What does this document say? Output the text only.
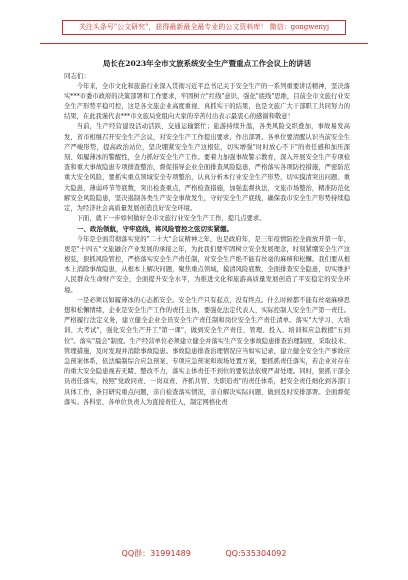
关注头条号"公文研究"，获得最新最全最专业的公文资料库！ 微信：gongwenyj

局长在2023年全市文旅系统安全生产暨重点工作会议上的讲话

同志们：

今年来，全市文化和旅游行业深入贯彻习近平总书记关于安全生产的一系列重要讲话精神，坚决落实***市委市政府的决策部署和工作要求，牢固树立"红线"意识，强化"底线"思维，目前全市文旅行业安全生产形势平稳可控，这是各文旅企业高度重视、真抓实干的结果，也是文旅广大干部职工共同努力的结果，在此我谨代表***市文旅局党组向大家的辛苦付出表示最衷心的感谢和敬意！

当前，生产经营建设活动活跃、交通运输繁忙；旅游持续升温，各类风险交织叠加，事故易发高发，省市相继召开安全生产会议，对安全生产工作提出要求、作出部署。各单位要清醒认识当前安全生产严峻形势，提高政治站位，坚决绷紧安全生产这根弦，切实增强"时时放心不下"的责任感和加压深刻、如履薄冰的警醒性，全力抓好安全生产工作。要着力加强事故警示教育，深入开展安全生产专项检查和重大事故隐患专项排查整治，督促指导企业全面排查风险隐患，严格落实各项防控措施，严密防范重大安全风险，要抓实重点领域安全专项整治，认真分析本行业安全生产形势，切实摸清突出问题、重大隐患、薄弱环节等底数，突出检查重点，严格检查措施，加强监督执法，文旅市场整治，精准防范化解安全风险隐患，坚决遏制各类生产安全事故发生，守好安全生产底线，确保我市安全生产形势持续稳定，为经济社会高质量发展创造良好安全环境。

下面，就下一步如何做好全市文旅行业安全生产工作，提几点要求。

一、政治领航，守牢底线，将风险管控之弦切实紧绷。

今年是全面贯彻落实党的"二十大"会议精神之年，也是政府年，是三年疫情防控全面放开第一年，更是"十四五"文旅融合产业发展的承接之年，为此我们要牢固树立安全发展理念，时刻紧绷安全生产这根弦，狠抓风险管控，严格落实安全生产责任制，对安全生产绝不能有丝毫的麻痹和松懈。我们要从根本上消除事故隐患，从根本上解决问题，聚焦重点领域，摸清风险底数，全面排查安全隐患，切实维护人民群众生命财产安全，全面提升安全水平，为推进文化和旅游高质量发展创造了平安稳定的安全环境。

一是必须以如履薄冰的心态抓安全。安全生产只有起点，没有终点。什么时候都不能有丝毫麻痹思想和松懈情绪，企业是安全生产工作的责任主体，要强化法定代表人、实际控制人安全生产第一责任。严格履行法定义务，建立健全企业全员安全生产责任制和岗位安全生产责任清单。落实"大学习、大培训、大考试"，强化安全生产开工"第一课"，做到安全生产责任、管理、投入、培训和应急救援"五到位"。落实"晨会"制度。生产经营单位必须建立健全并落实生产安全事故隐患排查治理制度，采取技术、管理措施，及时发现并消除事故隐患。事故隐患排查治理情况应当如实记录，建立健全安全生产事故应急预案体系，依法编制综合应急预案、专项应急预案和现场处置方案，要抓抓责任落实，若企业对存在的重大安全隐患视若无睹、整改不力，落实主体责任不到位的要依法依规严肃处理。同时，狠抓干部全员责任落实，按照"党政同责、一岗双责、齐抓共管、失职追责"的责任体系，把安全责任细化到各部门具体工作，条目研究重点问题，亲自检查落实情况，亲自解决实际问题，做到及时安排部署。全面督促落实。各科室、各单位负责人为直接责任人，制定网格化责

QQ群：31991489	QQ:535304092
